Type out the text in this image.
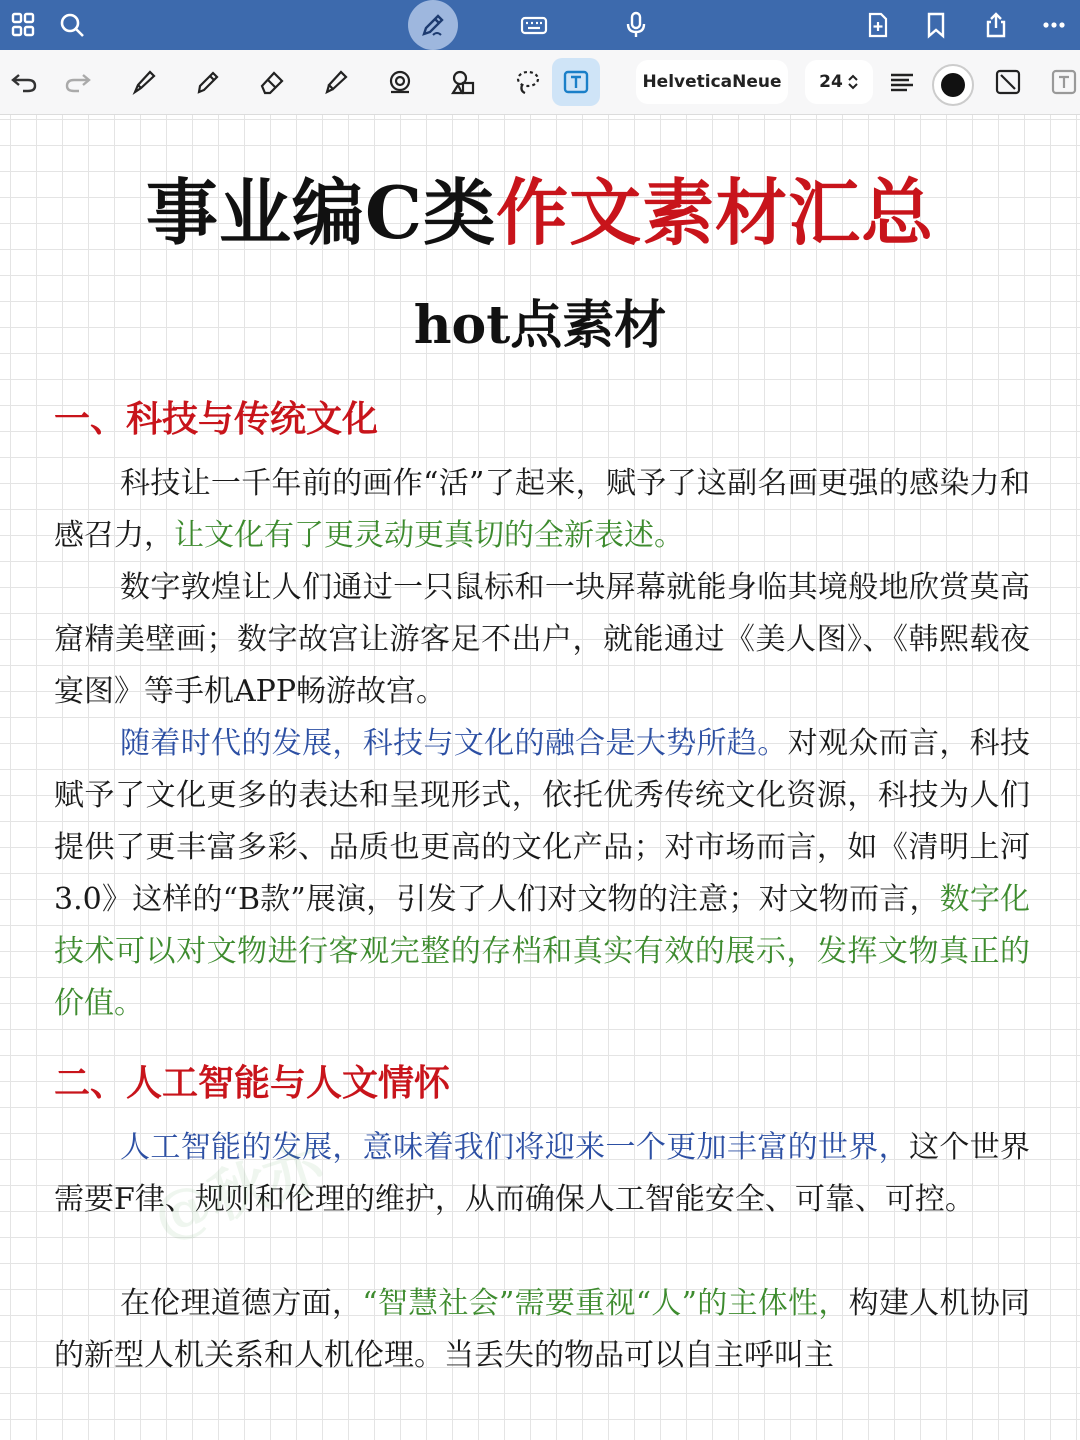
HelveticaNeue 24
事业编C类作文素材汇总
hot点素材
一、科技与传统文化
科技让一千年前的画作“活”了起来，赋予了这副名画更强的感染力和感召力，让文化有了更灵动更真切的全新表述。
数字敦煌让人们通过一只鼠标和一块屏幕就能身临其境般地欣赏莫高窟精美壁画；数字故宫让游客足不出户，就能通过《美人图》、《韩熙载夜宴图》等手机APP畅游故宫。
随着时代的发展，科技与文化的融合是大势所趋。对观众而言，科技赋予了文化更多的表达和呈现形式，依托优秀传统文化资源，科技为人们提供了更丰富多彩、品质也更高的文化产品；对市场而言，如《清明上河3.0》这样的“B款”展演，引发了人们对文物的注意；对文物而言，数字化技术可以对文物进行客观完整的存档和真实有效的展示，发挥文物真正的价值。
二、人工智能与人文情怀
人工智能的发展，意味着我们将迎来一个更加丰富的世界，这个世界需要F律、规则和伦理的维护，从而确保人工智能安全、可靠、可控。
在伦理道德方面，“智慧社会”需要重视“人”的主体性，构建人机协同的新型人机关系和人机伦理。当丢失的物品可以自主呼叫主
@秋亦
